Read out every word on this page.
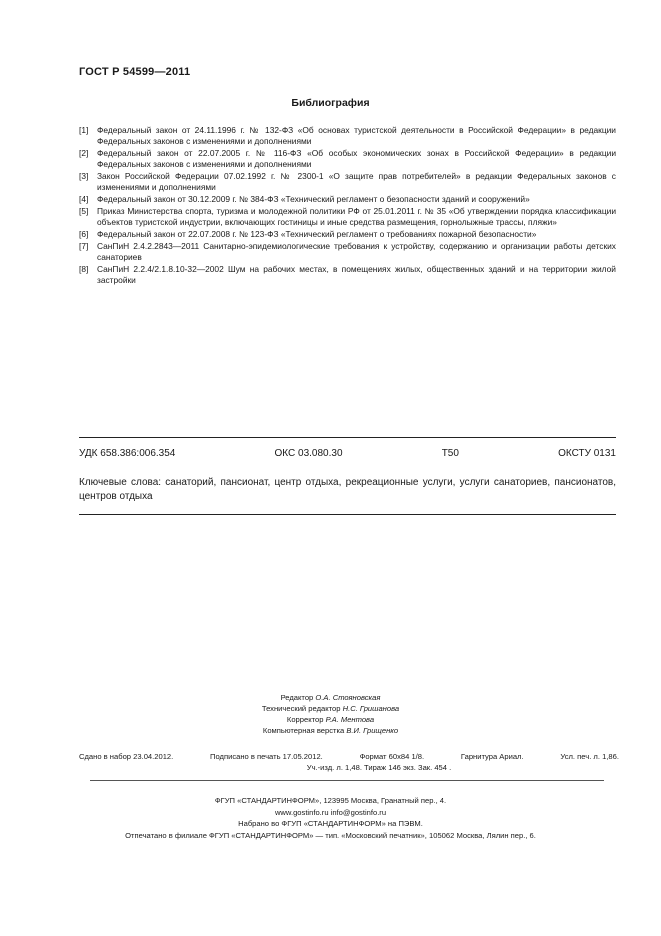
ГОСТ Р 54599—2011
Библиография
[1]	Федеральный закон от 24.11.1996 г. № 132-ФЗ «Об основах туристской деятельности в Российской Федерации» в редакции Федеральных законов с изменениями и дополнениями
[2]	Федеральный закон от 22.07.2005 г. № 116-ФЗ «Об особых экономических зонах в Российской Федерации» в редакции Федеральных законов с изменениями и дополнениями
[3]	Закон Российской Федерации 07.02.1992 г. № 2300-1 «О защите прав потребителей» в редакции Федеральных законов с изменениями и дополнениями
[4]	Федеральный закон от 30.12.2009 г. № 384-ФЗ «Технический регламент о безопасности зданий и сооружений»
[5]	Приказ Министерства спорта, туризма и молодежной политики РФ от 25.01.2011 г. № 35 «Об утверждении порядка классификации объектов туристской индустрии, включающих гостиницы и иные средства размещения, горнолыжные трассы, пляжи»
[6]	Федеральный закон от 22.07.2008 г. № 123-ФЗ «Технический регламент о требованиях пожарной безопасности»
[7]	СанПиН 2.4.2.2843—2011 Санитарно-эпидемиологические требования к устройству, содержанию и организации работы детских санаториев
[8]	СанПиН 2.2.4/2.1.8.10-32—2002 Шум на рабочих местах, в помещениях жилых, общественных зданий и на территории жилой застройки
УДК 658.386:006.354	ОКС 03.080.30	Т50	ОКСТУ 0131
Ключевые слова: санаторий, пансионат, центр отдыха, рекреационные услуги, услуги санаториев, пансионатов, центров отдыха
Редактор О.А. Стояновская
Технический редактор Н.С. Гришанова
Корректор Р.А. Ментова
Компьютерная верстка В.И. Грищенко
Сдано в набор 23.04.2012.	Подписано в печать 17.05.2012.	Формат 60x84 1/8.	Гарнитура Ариал.	Усл. печ. л. 1,86.
Уч.-изд. л. 1,48. Тираж 146 экз. Зак. 454 .
ФГУП «СТАНДАРТИНФОРМ», 123995 Москва, Гранатный пер., 4.
www.gostinfo.ru info@gostinfo.ru
Набрано во ФГУП «СТАНДАРТИНФОРМ» на ПЭВМ.
Отпечатано в филиале ФГУП «СТАНДАРТИНФОРМ» — тип. «Московский печатник», 105062 Москва, Лялин пер., 6.
